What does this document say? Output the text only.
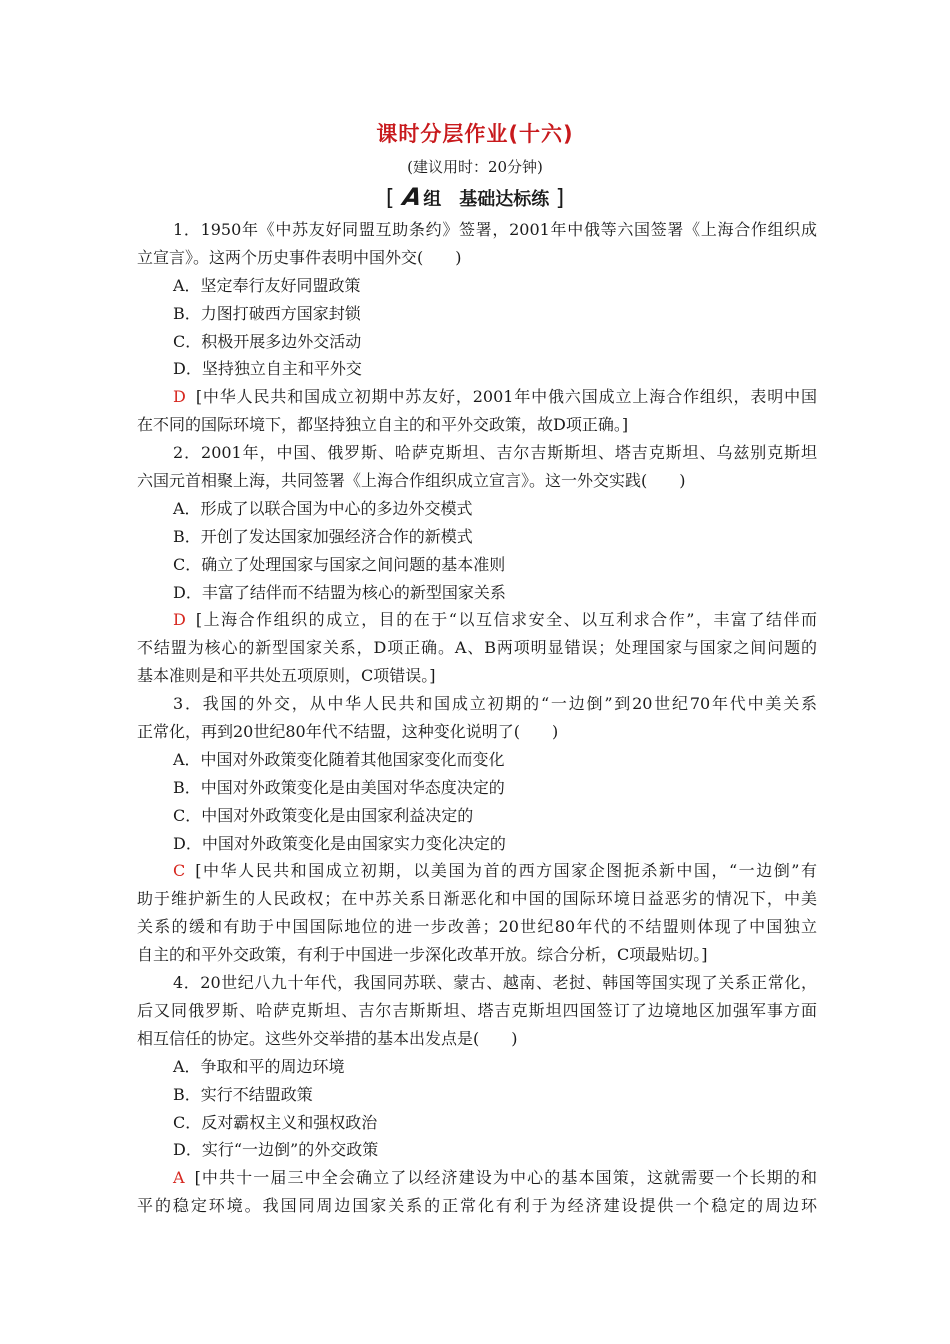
课时分层作业(十六)
(建议用时：20分钟)
[ A组　基础达标练 ]
1．1950年《中苏友好同盟互助条约》签署，2001年中俄等六国签署《上海合作组织成
立宣言》。这两个历史事件表明中国外交(　　)
A．坚定奉行友好同盟政策
B．力图打破西方国家封锁
C．积极开展多边外交活动
D．坚持独立自主和平外交
D [中华人民共和国成立初期中苏友好，2001年中俄六国成立上海合作组织，表明中国
在不同的国际环境下，都坚持独立自主的和平外交政策，故D项正确。]
2．2001年，中国、俄罗斯、哈萨克斯坦、吉尔吉斯斯坦、塔吉克斯坦、乌兹别克斯坦
六国元首相聚上海，共同签署《上海合作组织成立宣言》。这一外交实践(　　)
A．形成了以联合国为中心的多边外交模式
B．开创了发达国家加强经济合作的新模式
C．确立了处理国家与国家之间问题的基本准则
D．丰富了结伴而不结盟为核心的新型国家关系
D [上海合作组织的成立，目的在于“以互信求安全、以互利求合作”，丰富了结伴而
不结盟为核心的新型国家关系，D项正确。A、B两项明显错误；处理国家与国家之间问题的
基本准则是和平共处五项原则，C项错误。]
3．我国的外交，从中华人民共和国成立初期的“一边倒”到20世纪70年代中美关系
正常化，再到20世纪80年代不结盟，这种变化说明了(　　)
A．中国对外政策变化随着其他国家变化而变化
B．中国对外政策变化是由美国对华态度决定的
C．中国对外政策变化是由国家利益决定的
D．中国对外政策变化是由国家实力变化决定的
C [中华人民共和国成立初期，以美国为首的西方国家企图扼杀新中国，“一边倒”有
助于维护新生的人民政权；在中苏关系日渐恶化和中国的国际环境日益恶劣的情况下，中美
关系的缓和有助于中国国际地位的进一步改善；20世纪80年代的不结盟则体现了中国独立
自主的和平外交政策，有利于中国进一步深化改革开放。综合分析，C项最贴切。]
4．20世纪八九十年代，我国同苏联、蒙古、越南、老挝、韩国等国实现了关系正常化，
后又同俄罗斯、哈萨克斯坦、吉尔吉斯斯坦、塔吉克斯坦四国签订了边境地区加强军事方面
相互信任的协定。这些外交举措的基本出发点是(　　)
A．争取和平的周边环境
B．实行不结盟政策
C．反对霸权主义和强权政治
D．实行“一边倒”的外交政策
A [中共十一届三中全会确立了以经济建设为中心的基本国策，这就需要一个长期的和
平的稳定环境。我国同周边国家关系的正常化有利于为经济建设提供一个稳定的周边环
